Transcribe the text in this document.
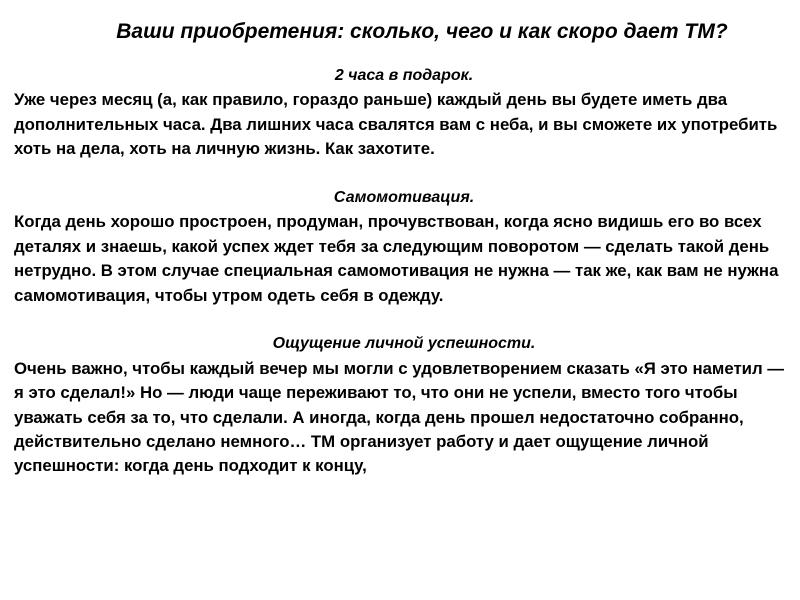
Ваши приобретения: сколько, чего и как скоро дает ТМ?

2 часа в подарок.

Уже через месяц (а, как правило, гораздо раньше) каждый день вы будете иметь два дополнительных часа. Два лишних часа свалятся вам с неба, и вы сможете их употребить хоть на дела, хоть на личную жизнь. Как захотите.

Самомотивация.

Когда день хорошо простроен, продуман, прочувствован, когда ясно видишь его во всех деталях и знаешь, какой успех ждет тебя за следующим поворотом — сделать такой день нетрудно. В этом случае специальная самомотивация не нужна — так же, как вам не нужна самомотивация, чтобы утром одеть себя в одежду.

Ощущение личной успешности.

Очень важно, чтобы каждый вечер мы могли с удовлетворением сказать «Я это наметил — я это сделал!» Но — люди чаще переживают то, что они не успели, вместо того чтобы уважать себя за то, что сделали. А иногда, когда день прошел недостаточно собранно, действительно сделано немного… ТМ организует работу и дает ощущение личной успешности: когда день подходит к концу,
